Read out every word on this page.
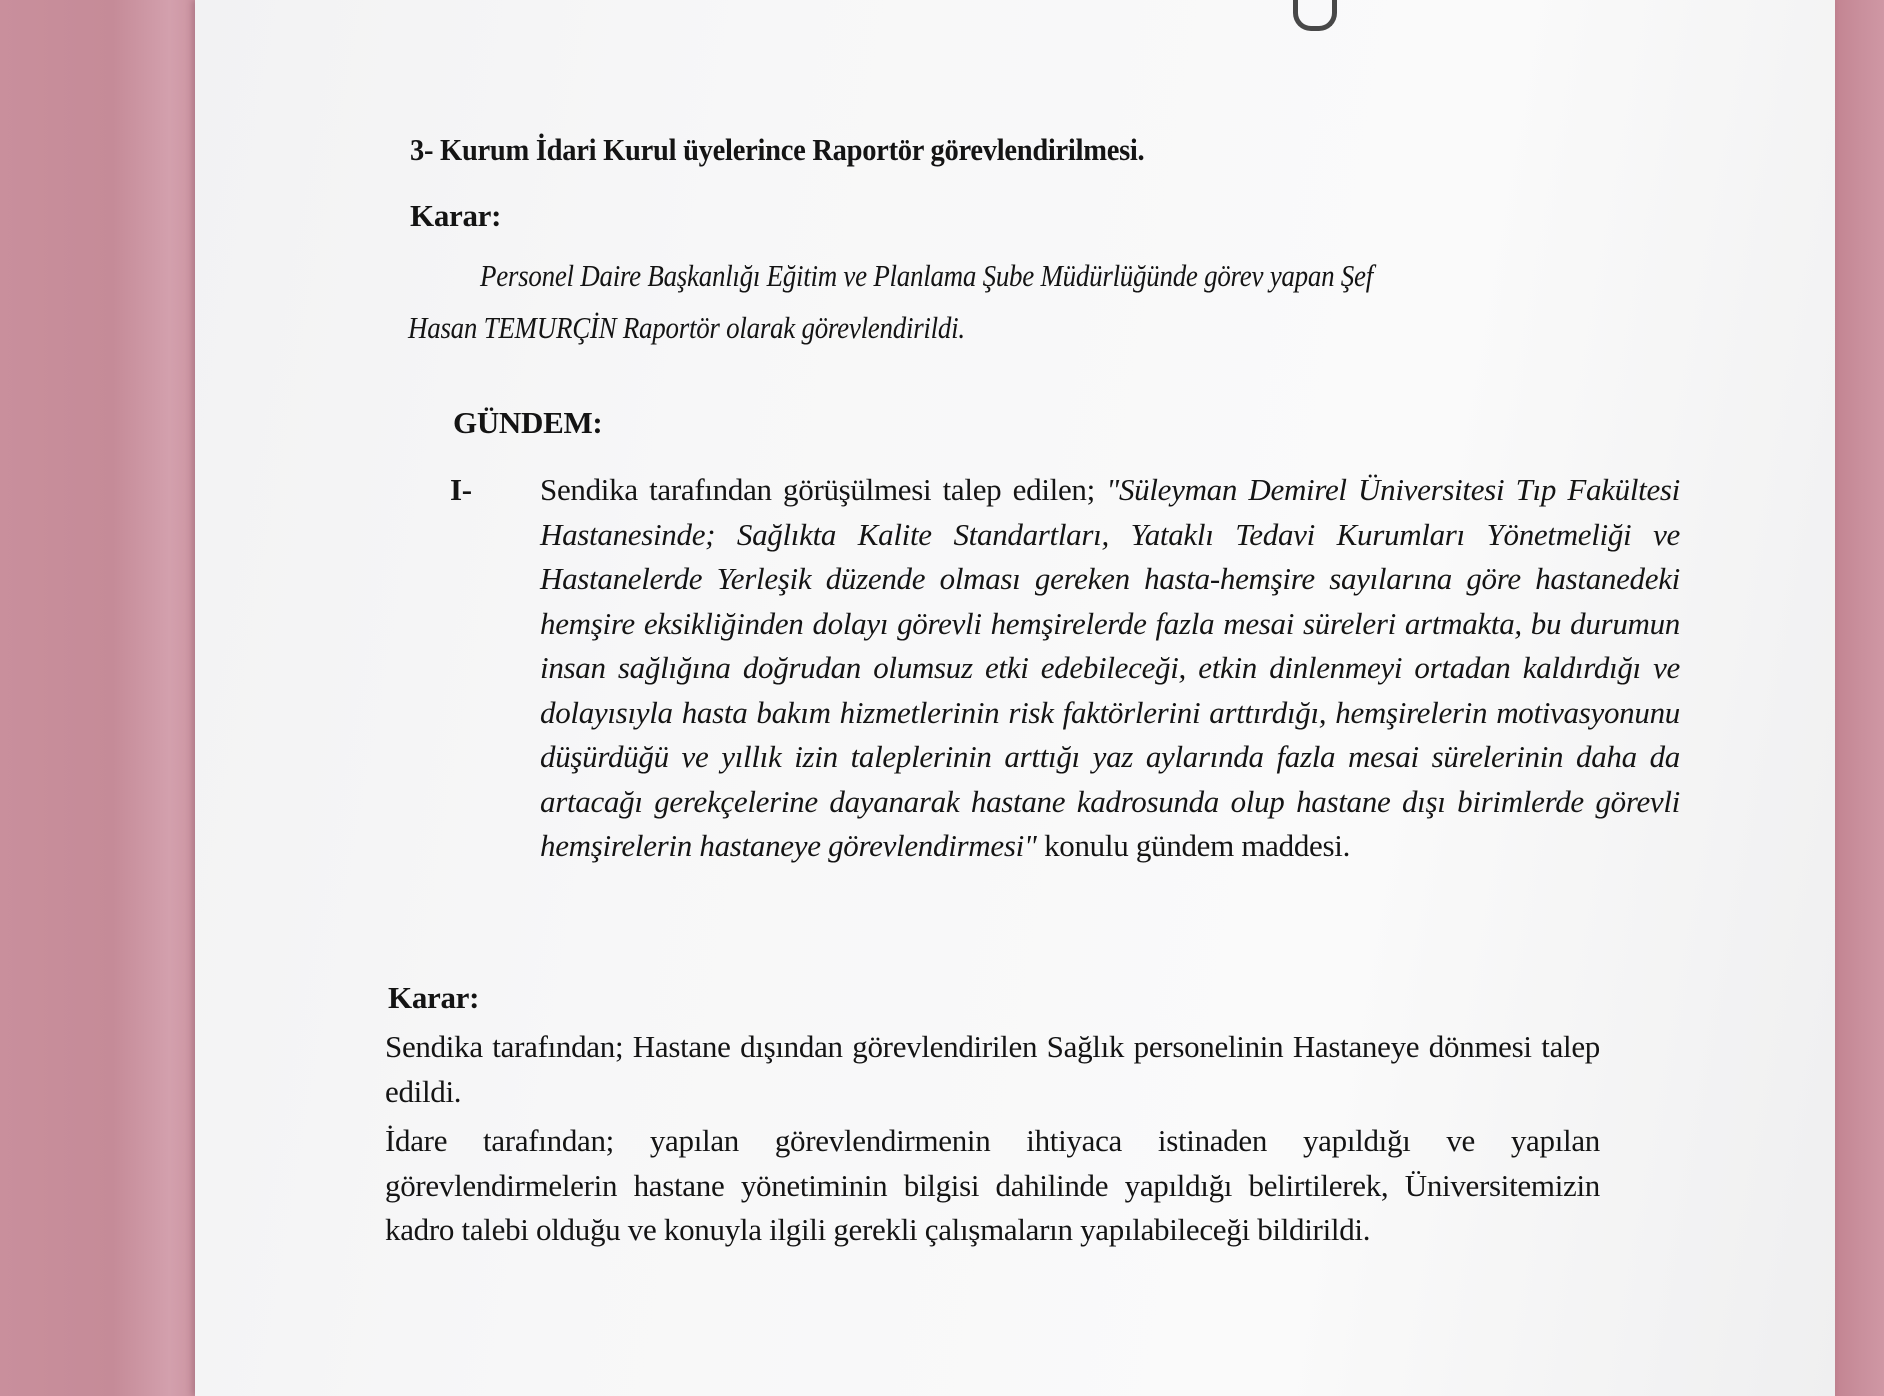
3- Kurum İdari Kurul üyelerince Raportör görevlendirilmesi.

Karar:

Personel Daire Başkanlığı Eğitim ve Planlama Şube Müdürlüğünde görev yapan Şef

Hasan TEMURÇİN Raportör olarak görevlendirildi.

GÜNDEM:

I- Sendika tarafından görüşülmesi talep edilen; "Süleyman Demirel Üniversitesi Tıp Fakültesi Hastanesinde; Sağlıkta Kalite Standartları, Yataklı Tedavi Kurumları Yönetmeliği ve Hastanelerde Yerleşik düzende olması gereken hasta-hemşire sayılarına göre hastanedeki hemşire eksikliğinden dolayı görevli hemşirelerde fazla mesai süreleri artmakta, bu durumun insan sağlığına doğrudan olumsuz etki edebileceği, etkin dinlenmeyi ortadan kaldırdığı ve dolayısıyla hasta bakım hizmetlerinin risk faktörlerini arttırdığı, hemşirelerin motivasyonunu düşürdüğü ve yıllık izin taleplerinin arttığı yaz aylarında fazla mesai sürelerinin daha da artacağı gerekçelerine dayanarak hastane kadrosunda olup hastane dışı birimlerde görevli hemşirelerin hastaneye görevlendirmesi" konulu gündem maddesi.

Karar:

Sendika tarafından; Hastane dışından görevlendirilen Sağlık personelinin Hastaneye dönmesi talep edildi.

İdare tarafından; yapılan görevlendirmenin ihtiyaca istinaden yapıldığı ve yapılan görevlendirmelerin hastane yönetiminin bilgisi dahilinde yapıldığı belirtilerek, Üniversitemizin kadro talebi olduğu ve konuyla ilgili gerekli çalışmaların yapılabileceği bildirildi.
